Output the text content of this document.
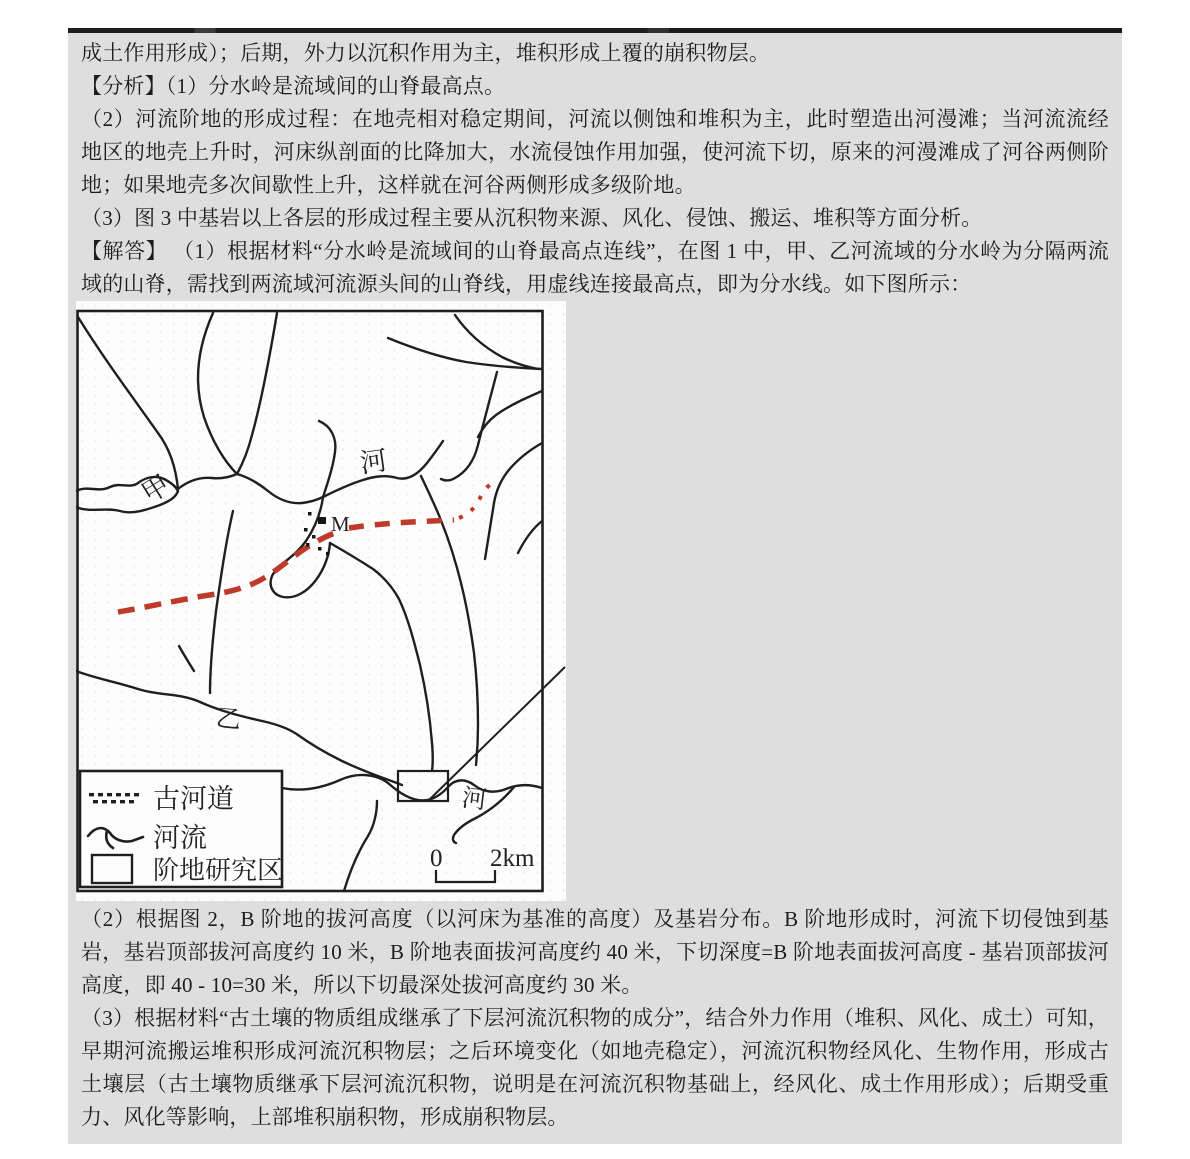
成土作用形成）；后期，外力以沉积作用为主，堆积形成上覆的崩积物层。

【分析】（1）分水岭是流域间的山脊最高点。

（2）河流阶地的形成过程：在地壳相对稳定期间，河流以侧蚀和堆积为主，此时塑造出河漫滩；当河流流经地区的地壳上升时，河床纵剖面的比降加大，水流侵蚀作用加强，使河流下切，原来的河漫滩成了河谷两侧阶地；如果地壳多次间歇性上升，这样就在河谷两侧形成多级阶地。

（3）图 3 中基岩以上各层的形成过程主要从沉积物来源、风化、侵蚀、搬运、堆积等方面分析。

【解答】 （1）根据材料“分水岭是流域间的山脊最高点连线”，在图 1 中，甲、乙河流域的分水岭为分隔两流域的山脊，需找到两流域河流源头间的山脊线，用虚线连接最高点，即为分水线。如下图所示：

M
甲
乙
河
河
古河道
河流
阶地研究区	0 2km

（2）根据图 2，B 阶地的拔河高度（以河床为基准的高度）及基岩分布。B 阶地形成时，河流下切侵蚀到基岩，基岩顶部拔河高度约 10 米，B 阶地表面拔河高度约 40 米，下切深度=B 阶地表面拔河高度 - 基岩顶部拔河高度，即 40 - 10=30 米，所以下切最深处拔河高度约 30 米。

（3）根据材料“古土壤的物质组成继承了下层河流沉积物的成分”，结合外力作用（堆积、风化、成土）可知，早期河流搬运堆积形成河流沉积物层；之后环境变化（如地壳稳定），河流沉积物经风化、生物作用，形成古土壤层（古土壤物质继承下层河流沉积物，说明是在河流沉积物基础上，经风化、成土作用形成）；后期受重力、风化等影响，上部堆积崩积物，形成崩积物层。
